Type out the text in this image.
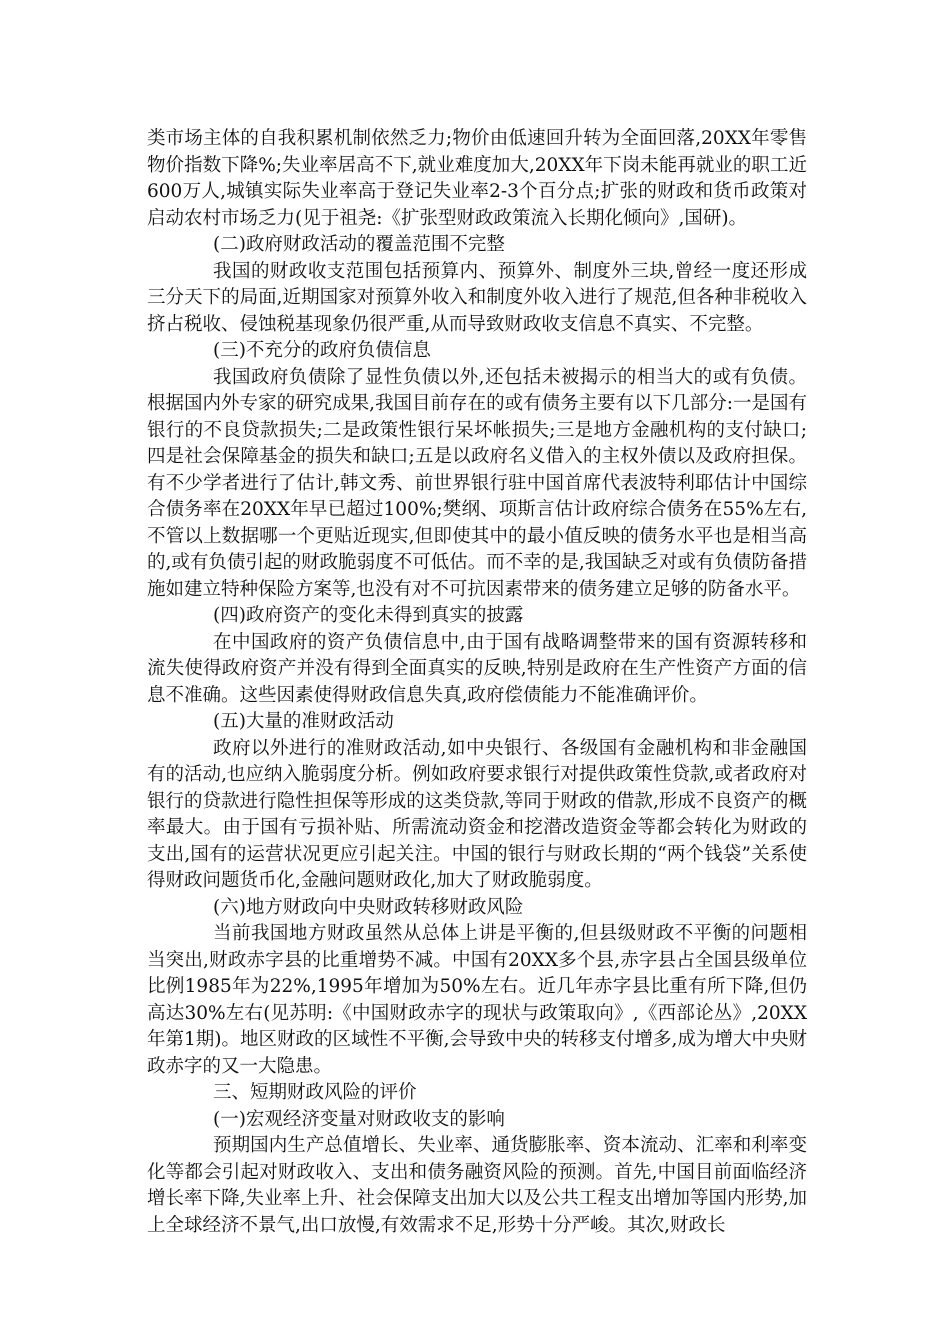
类市场主体的自我积累机制依然乏力;物价由低速回升转为全面回落,20XX年零售物价指数下降%;失业率居高不下,就业难度加大,20XX年下岗未能再就业的职工近600万人,城镇实际失业率高于登记失业率2-3个百分点;扩张的财政和货币政策对启动农村市场乏力(见于祖尧:《扩张型财政政策流入长期化倾向》,国研)。

(二)政府财政活动的覆盖范围不完整

我国的财政收支范围包括预算内、预算外、制度外三块,曾经一度还形成三分天下的局面,近期国家对预算外收入和制度外收入进行了规范,但各种非税收入挤占税收、侵蚀税基现象仍很严重,从而导致财政收支信息不真实、不完整。

(三)不充分的政府负债信息

我国政府负债除了显性负债以外,还包括未被揭示的相当大的或有负债。根据国内外专家的研究成果,我国目前存在的或有债务主要有以下几部分:一是国有银行的不良贷款损失;二是政策性银行呆坏帐损失;三是地方金融机构的支付缺口;四是社会保障基金的损失和缺口;五是以政府名义借入的主权外债以及政府担保。有不少学者进行了估计,韩文秀、前世界银行驻中国首席代表波特利耶估计中国综合债务率在20XX年早已超过100%;樊纲、项斯言估计政府综合债务在55%左右,不管以上数据哪一个更贴近现实,但即使其中的最小值反映的债务水平也是相当高的,或有负债引起的财政脆弱度不可低估。而不幸的是,我国缺乏对或有负债防备措施如建立特种保险方案等,也没有对不可抗因素带来的债务建立足够的防备水平。

(四)政府资产的变化未得到真实的披露

在中国政府的资产负债信息中,由于国有战略调整带来的国有资源转移和流失使得政府资产并没有得到全面真实的反映,特别是政府在生产性资产方面的信息不准确。这些因素使得财政信息失真,政府偿债能力不能准确评价。

(五)大量的准财政活动

政府以外进行的准财政活动,如中央银行、各级国有金融机构和非金融国有的活动,也应纳入脆弱度分析。例如政府要求银行对提供政策性贷款,或者政府对银行的贷款进行隐性担保等形成的这类贷款,等同于财政的借款,形成不良资产的概率最大。由于国有亏损补贴、所需流动资金和挖潜改造资金等都会转化为财政的支出,国有的运营状况更应引起关注。中国的银行与财政长期的“两个钱袋”关系使得财政问题货币化,金融问题财政化,加大了财政脆弱度。

(六)地方财政向中央财政转移财政风险

当前我国地方财政虽然从总体上讲是平衡的,但县级财政不平衡的问题相当突出,财政赤字县的比重增势不减。中国有20XX多个县,赤字县占全国县级单位比例1985年为22%,1995年增加为50%左右。近几年赤字县比重有所下降,但仍高达30%左右(见苏明:《中国财政赤字的现状与政策取向》,《西部论丛》,20XX年第1期)。地区财政的区域性不平衡,会导致中央的转移支付增多,成为增大中央财政赤字的又一大隐患。

三、短期财政风险的评价

(一)宏观经济变量对财政收支的影响

预期国内生产总值增长、失业率、通货膨胀率、资本流动、汇率和利率变化等都会引起对财政收入、支出和债务融资风险的预测。首先,中国目前面临经济增长率下降,失业率上升、社会保障支出加大以及公共工程支出增加等国内形势,加上全球经济不景气,出口放慢,有效需求不足,形势十分严峻。其次,财政长
